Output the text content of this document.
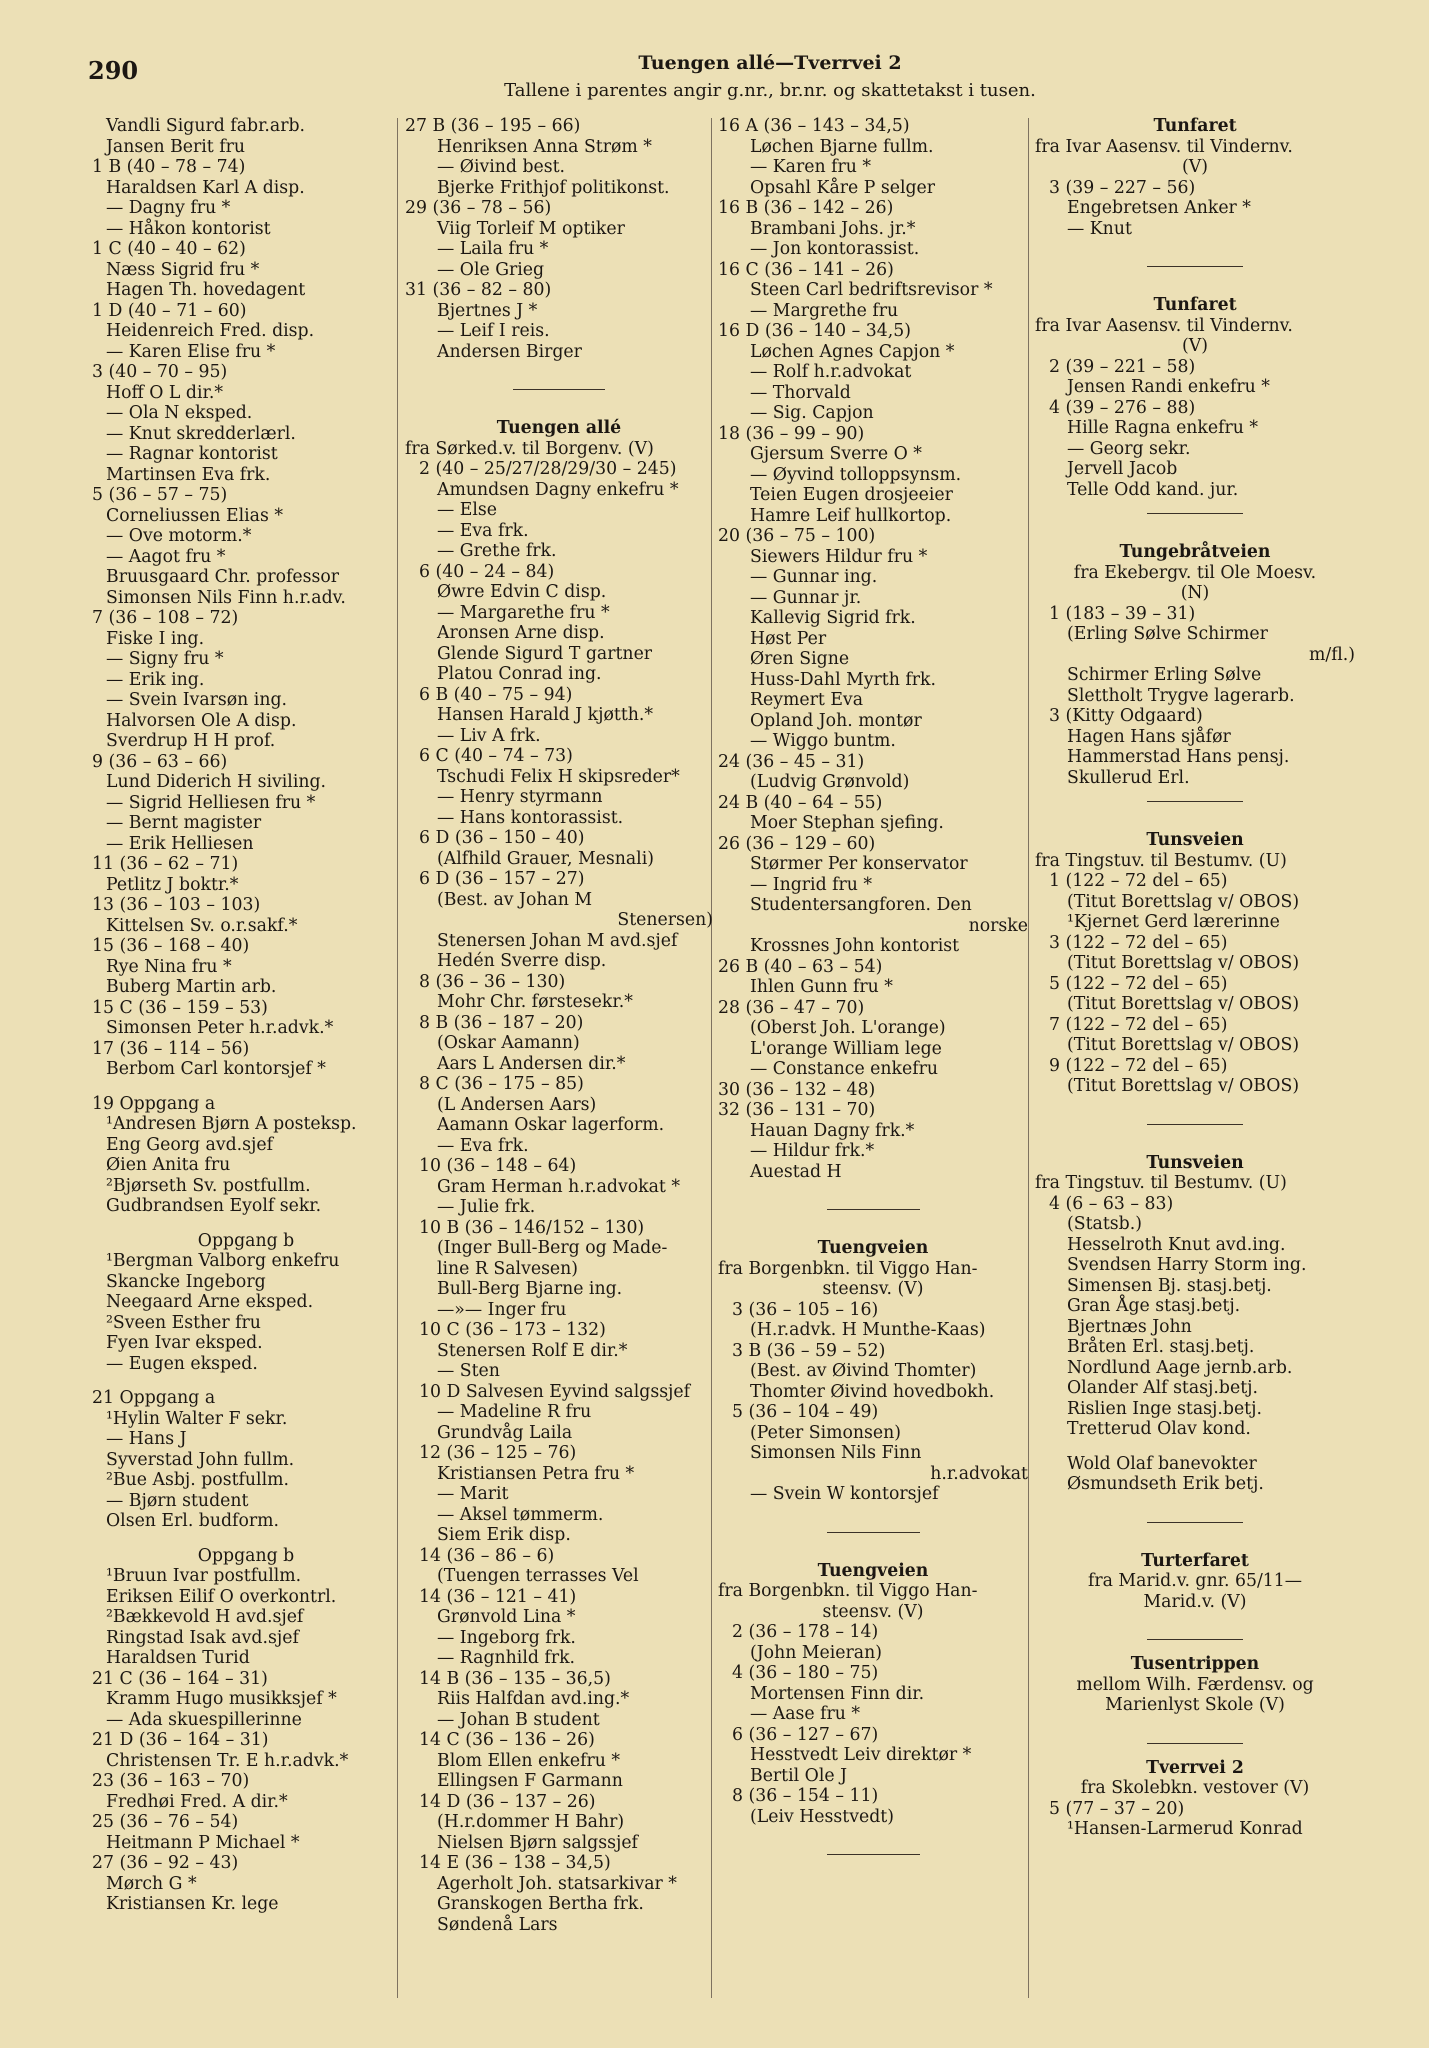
290	Tuengen allé—Tverrvei 2
Tallene i parentes angir g.nr., br.nr. og skattetakst i tusen.
Vandli Sigurd fabr.arb.
Jansen Berit fru
1 B (40 – 78 – 74)
Haraldsen Karl A disp.
— Dagny fru *
— Håkon kontorist
1 C (40 – 40 – 62)
Næss Sigrid fru *
Hagen Th. hovedagent
1 D (40 – 71 – 60)
Heidenreich Fred. disp.
— Karen Elise fru *
3 (40 – 70 – 95)
Hoff O L dir.*
— Ola N eksped.
— Knut skredderlærl.
— Ragnar kontorist
Martinsen Eva frk.
5 (36 – 57 – 75)
Corneliussen Elias *
— Ove motorm.*
— Aagot fru *
Bruusgaard Chr. professor
Simonsen Nils Finn h.r.adv.
7 (36 – 108 – 72)
Fiske I ing.
— Signy fru *
— Erik ing.
— Svein Ivarsøn ing.
Halvorsen Ole A disp.
Sverdrup H H prof.
9 (36 – 63 – 66)
Lund Diderich H siviling.
— Sigrid Helliesen fru *
— Bernt magister
— Erik Helliesen
11 (36 – 62 – 71)
Petlitz J boktr.*
13 (36 – 103 – 103)
Kittelsen Sv. o.r.sakf.*
15 (36 – 168 – 40)
Rye Nina fru *
Buberg Martin arb.
15 C (36 – 159 – 53)
Simonsen Peter h.r.advk.*
17 (36 – 114 – 56)
Berbom Carl kontorsjef *
19 Oppgang a
¹Andresen Bjørn A posteksp.
Eng Georg avd.sjef
Øien Anita fru
²Bjørseth Sv. postfullm.
Gudbrandsen Eyolf sekr.
Oppgang b
¹Bergman Valborg enkefru
Skancke Ingeborg
Neegaard Arne eksped.
²Sveen Esther fru
Fyen Ivar eksped.
— Eugen eksped.
21 Oppgang a
¹Hylin Walter F sekr.
— Hans J
Syverstad John fullm.
²Bue Asbj. postfullm.
— Bjørn student
Olsen Erl. budform.
Oppgang b
¹Bruun Ivar postfullm.
Eriksen Eilif O overkontrl.
²Bækkevold H avd.sjef
Ringstad Isak avd.sjef
Haraldsen Turid
21 C (36 – 164 – 31)
Kramm Hugo musikksjef *
— Ada skuespillerinne
21 D (36 – 164 – 31)
Christensen Tr. E h.r.advk.*
23 (36 – 163 – 70)
Fredhøi Fred. A dir.*
25 (36 – 76 – 54)
Heitmann P Michael *
27 (36 – 92 – 43)
Mørch G *
Kristiansen Kr. lege
27 B (36 – 195 – 66)
Henriksen Anna Strøm *
— Øivind best.
Bjerke Frithjof politikonst.
29 (36 – 78 – 56)
Viig Torleif M optiker
— Laila fru *
— Ole Grieg
31 (36 – 82 – 80)
Bjertnes J *
— Leif I reis.
Andersen Birger
Tuengen allé
fra Sørked.v. til Borgenv. (V)
2 (40 – 25/27/28/29/30 – 245)
Amundsen Dagny enkefru *
— Else
— Eva frk.
— Grethe frk.
6 (40 – 24 – 84)
Øwre Edvin C disp.
— Margarethe fru *
Aronsen Arne disp.
Glende Sigurd T gartner
Platou Conrad ing.
6 B (40 – 75 – 94)
Hansen Harald J kjøtth.*
— Liv A frk.
6 C (40 – 74 – 73)
Tschudi Felix H skipsreder*
— Henry styrmann
— Hans kontorassist.
6 D (36 – 150 – 40)
(Alfhild Grauer, Mesnali)
6 D (36 – 157 – 27)
(Best. av Johan M
Stenersen)
Stenersen Johan M avd.sjef
Hedén Sverre disp.
8 (36 – 36 – 130)
Mohr Chr. førstesekr.*
8 B (36 – 187 – 20)
(Oskar Aamann)
Aars L Andersen dir.*
8 C (36 – 175 – 85)
(L Andersen Aars)
Aamann Oskar lagerform.
— Eva frk.
10 (36 – 148 – 64)
Gram Herman h.r.advokat *
— Julie frk.
10 B (36 – 146/152 – 130)
(Inger Bull-Berg og Made-
line R Salvesen)
Bull-Berg Bjarne ing.
—»— Inger fru
10 C (36 – 173 – 132)
Stenersen Rolf E dir.*
— Sten
10 D Salvesen Eyvind salgssjef
— Madeline R fru
Grundvåg Laila
12 (36 – 125 – 76)
Kristiansen Petra fru *
— Marit
— Aksel tømmerm.
Siem Erik disp.
14 (36 – 86 – 6)
(Tuengen terrasses Vel
14 (36 – 121 – 41)
Grønvold Lina *
— Ingeborg frk.
— Ragnhild frk.
14 B (36 – 135 – 36,5)
Riis Halfdan avd.ing.*
— Johan B student
14 C (36 – 136 – 26)
Blom Ellen enkefru *
Ellingsen F Garmann
14 D (36 – 137 – 26)
(H.r.dommer H Bahr)
Nielsen Bjørn salgssjef
14 E (36 – 138 – 34,5)
Agerholt Joh. statsarkivar *
Granskogen Bertha frk.
Søndenå Lars
16 A (36 – 143 – 34,5)
Løchen Bjarne fullm.
— Karen fru *
Opsahl Kåre P selger
16 B (36 – 142 – 26)
Brambani Johs. jr.*
— Jon kontorassist.
16 C (36 – 141 – 26)
Steen Carl bedriftsrevisor *
— Margrethe fru
16 D (36 – 140 – 34,5)
Løchen Agnes Capjon *
— Rolf h.r.advokat
— Thorvald
— Sig. Capjon
18 (36 – 99 – 90)
Gjersum Sverre O *
— Øyvind tolloppsynsm.
Teien Eugen drosjeeier
Hamre Leif hullkortop.
20 (36 – 75 – 100)
Siewers Hildur fru *
— Gunnar ing.
— Gunnar jr.
Kallevig Sigrid frk.
Høst Per
Øren Signe
Huss-Dahl Myrth frk.
Reymert Eva
Opland Joh. montør
— Wiggo buntm.
24 (36 – 45 – 31)
(Ludvig Grønvold)
24 B (40 – 64 – 55)
Moer Stephan sjefing.
26 (36 – 129 – 60)
Størmer Per konservator
— Ingrid fru *
Studentersangforen. Den
norske
Krossnes John kontorist
26 B (40 – 63 – 54)
Ihlen Gunn fru *
28 (36 – 47 – 70)
(Oberst Joh. L'orange)
L'orange William lege
— Constance enkefru
30 (36 – 132 – 48)
32 (36 – 131 – 70)
Hauan Dagny frk.*
— Hildur frk.*
Auestad H
Tuengveien
fra Borgenbkn. til Viggo Han-
steensv. (V)
3 (36 – 105 – 16)
(H.r.advk. H Munthe-Kaas)
3 B (36 – 59 – 52)
(Best. av Øivind Thomter)
Thomter Øivind hovedbokh.
5 (36 – 104 – 49)
(Peter Simonsen)
Simonsen Nils Finn
h.r.advokat
— Svein W kontorsjef
Tuengveien
fra Borgenbkn. til Viggo Han-
steensv. (V)
2 (36 – 178 – 14)
(John Meieran)
4 (36 – 180 – 75)
Mortensen Finn dir.
— Aase fru *
6 (36 – 127 – 67)
Hesstvedt Leiv direktør *
Bertil Ole J
8 (36 – 154 – 11)
(Leiv Hesstvedt)
Tunfaret
fra Ivar Aasensv. til Vindernv.
(V)
3 (39 – 227 – 56)
Engebretsen Anker *
— Knut
Tunfaret
fra Ivar Aasensv. til Vindernv.
(V)
2 (39 – 221 – 58)
Jensen Randi enkefru *
4 (39 – 276 – 88)
Hille Ragna enkefru *
— Georg sekr.
Jervell Jacob
Telle Odd kand. jur.
Tungebråtveien
fra Ekebergv. til Ole Moesv.
(N)
1 (183 – 39 – 31)
(Erling Sølve Schirmer
m/fl.)
Schirmer Erling Sølve
Slettholt Trygve lagerarb.
3 (Kitty Odgaard)
Hagen Hans sjåfør
Hammerstad Hans pensj.
Skullerud Erl.
Tunsveien
fra Tingstuv. til Bestumv. (U)
1 (122 – 72 del – 65)
(Titut Borettslag v/ OBOS)
¹Kjernet Gerd lærerinne
3 (122 – 72 del – 65)
(Titut Borettslag v/ OBOS)
5 (122 – 72 del – 65)
(Titut Borettslag v/ OBOS)
7 (122 – 72 del – 65)
(Titut Borettslag v/ OBOS)
9 (122 – 72 del – 65)
(Titut Borettslag v/ OBOS)
Tunsveien
fra Tingstuv. til Bestumv. (U)
4 (6 – 63 – 83)
(Statsb.)
Hesselroth Knut avd.ing.
Svendsen Harry Storm ing.
Simensen Bj. stasj.betj.
Gran Åge stasj.betj.
Bjertnæs John
Bråten Erl. stasj.betj.
Nordlund Aage jernb.arb.
Olander Alf stasj.betj.
Rislien Inge stasj.betj.
Tretterud Olav kond.
Wold Olaf banevokter
Øsmundseth Erik betj.
Turterfaret
fra Marid.v. gnr. 65/11—
Marid.v. (V)
Tusentrippen
mellom Wilh. Færdensv. og
Marienlyst Skole (V)
Tverrvei 2
fra Skolebkn. vestover (V)
5 (77 – 37 – 20)
¹Hansen-Larmerud Konrad
